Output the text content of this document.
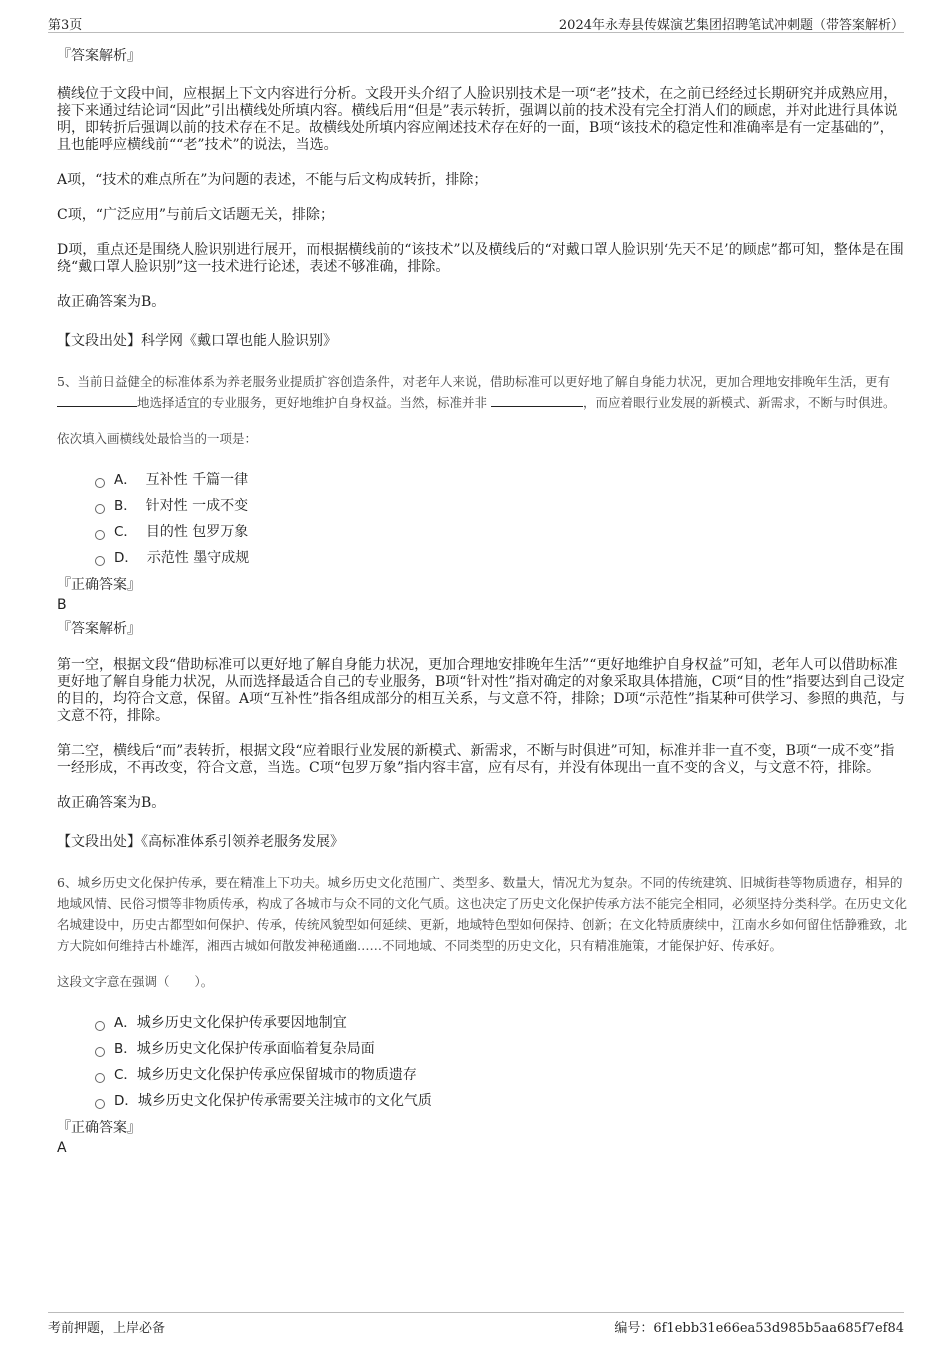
第3页	2024年永寿县传媒演艺集团招聘笔试冲刺题（带答案解析）

『答案解析』

横线位于文段中间，应根据上下文内容进行分析。文段开头介绍了人脸识别技术是一项“老”技术，在之前已经经过长期研究并成熟应用，接下来通过结论词“因此”引出横线处所填内容。横线后用“但是”表示转折，强调以前的技术没有完全打消人们的顾虑，并对此进行具体说明，即转折后强调以前的技术存在不足。故横线处所填内容应阐述技术存在好的一面，B项“该技术的稳定性和准确率是有一定基础的”，且也能呼应横线前““老”技术”的说法，当选。

A项，“技术的难点所在”为问题的表述，不能与后文构成转折，排除；

C项，“广泛应用”与前后文话题无关，排除；

D项，重点还是围绕人脸识别进行展开，而根据横线前的“该技术”以及横线后的“对戴口罩人脸识别‘先天不足’的顾虑”都可知，整体是在围绕“戴口罩人脸识别”这一技术进行论述，表述不够准确，排除。

故正确答案为B。

【文段出处】科学网《戴口罩也能人脸识别》

5、当前日益健全的标准体系为养老服务业提质扩容创造条件，对老年人来说，借助标准可以更好地了解自身能力状况，更加合理地安排晚年生活，更有 地选择适宜的专业服务，更好地维护自身权益。当然，标准并非	，而应着眼行业发展的新模式、新需求，不断与时俱进。

依次填入画横线处最恰当的一项是：

A．
互补性 千篇一律
B．
针对性 一成不变
C．
目的性 包罗万象
D．
示范性 墨守成规

『正确答案』

B

『答案解析』

第一空，根据文段“借助标准可以更好地了解自身能力状况，更加合理地安排晚年生活”“更好地维护自身权益”可知，老年人可以借助标准更好地了解自身能力状况，从而选择最适合自己的专业服务，B项“针对性”指对确定的对象采取具体措施，C项“目的性”指要达到自己设定的目的，均符合文意，保留。A项“互补性”指各组成部分的相互关系，与文意不符，排除；D项“示范性”指某种可供学习、参照的典范，与文意不符，排除。

第二空，横线后“而”表转折，根据文段“应着眼行业发展的新模式、新需求，不断与时俱进”可知，标准并非一直不变，B项“一成不变”指一经形成，不再改变，符合文意，当选。C项“包罗万象”指内容丰富，应有尽有，并没有体现出一直不变的含义，与文意不符，排除。

故正确答案为B。

【文段出处】《高标准体系引领养老服务发展》

6、城乡历史文化保护传承，要在精准上下功夫。城乡历史文化范围广、类型多、数量大，情况尤为复杂。不同的传统建筑、旧城街巷等物质遗存，相异的地域风情、民俗习惯等非物质传承，构成了各城市与众不同的文化气质。这也决定了历史文化保护传承方法不能完全相同，必须坚持分类科学。在历史文化名城建设中，历史古都型如何保护、传承，传统风貌型如何延续、更新，地域特色型如何保持、创新；在文化特质赓续中，江南水乡如何留住恬静雅致，北方大院如何维持古朴雄浑，湘西古城如何散发神秘通幽……不同地域、不同类型的历史文化，只有精准施策，才能保护好、传承好。

这段文字意在强调（　　）。

A． 城乡历史文化保护传承要因地制宜
B． 城乡历史文化保护传承面临着复杂局面
C． 城乡历史文化保护传承应保留城市的物质遗存
D． 城乡历史文化保护传承需要关注城市的文化气质

『正确答案』

A

考前押题，上岸必备	编号：6f1ebb31e66ea53d985b5aa685f7ef84
